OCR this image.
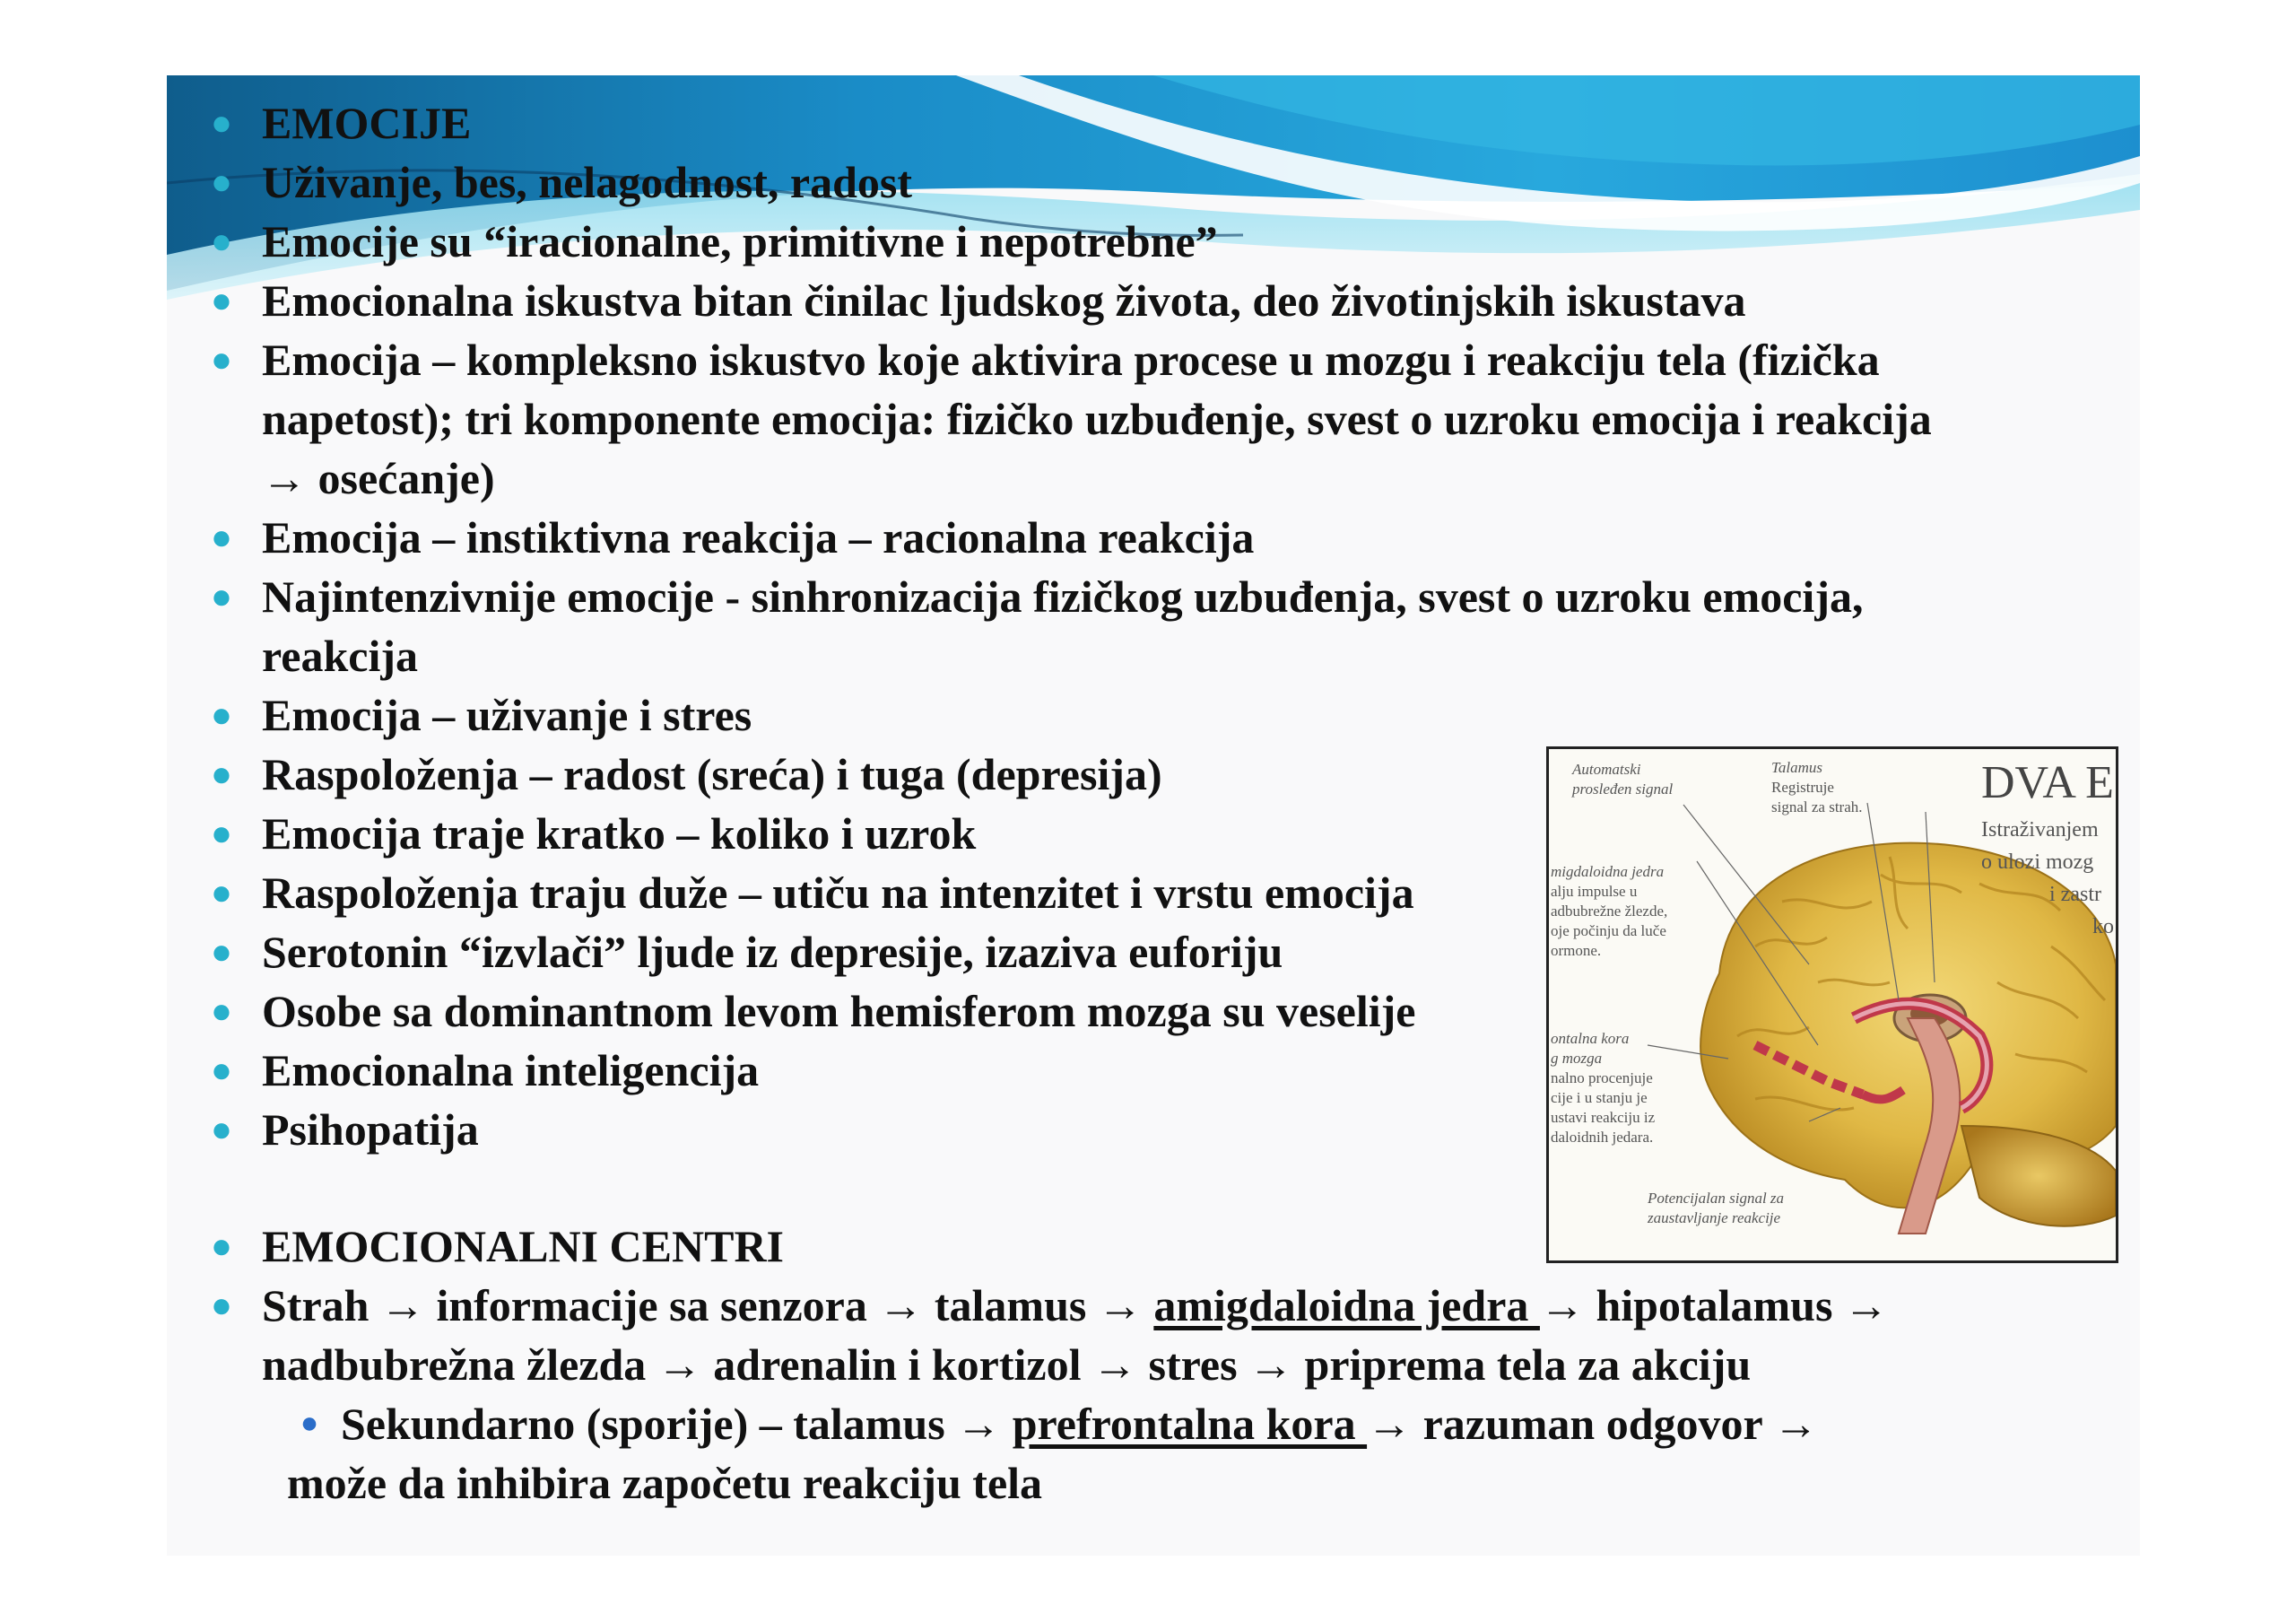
● EMOCIJE
● Uživanje, bes, nelagodnost, radost
● Emocije su “iracionalne, primitivne i nepotrebne”
● Emocionalna iskustva bitan činilac ljudskog života, deo životinjskih iskustava
● Emocija – kompleksno iskustvo koje aktivira procese u mozgu i reakciju tela (fizička
napetost); tri komponente emocija: fizičko uzbuđenje, svest o uzroku emocija i reakcija
→ osećanje)
● Emocija – instiktivna reakcija – racionalna reakcija
● Najintenzivnije emocije - sinhronizacija fizičkog uzbuđenja, svest o uzroku emocija,
reakcija
● Emocija – uživanje i stres
● Raspoloženja – radost (sreća) i tuga (depresija)
● Emocija traje kratko – koliko i uzrok
● Raspoloženja traju duže – utiču na intenzitet i vrstu emocija
● Serotonin “izvlači” ljude iz depresije, izaziva euforiju
● Osobe sa dominantnom levom hemisferom mozga su veselije
● Emocionalna inteligencija
● Psihopatija
● EMOCIONALNI CENTRI
● Strah → informacije sa senzora → talamus → amigdaloidna jedra → hipotalamus →
nadbubrežna žlezda → adrenalin i kortizol → stres → priprema tela za akciju
● Sekundarno (sporije) – talamus → prefrontalna kora → razuman odgovor →
može da inhibira započetu reakciju tela
Automatski
prosleđen signal
Talamus
Registruje
signal za strah.
migdaloidna jedra
alju impulse u
adbubrežne žlezde,
oje počinju da luče
ormone.
ontalna kora
g mozga
nalno procenjuje
cije i u stanju je
ustavi reakciju iz
daloidnih jedara.
Potencijalan signal za
zaustavljanje reakcije
DVA E
Istraživanjem
o ulozi mozg
i zastr
ko
